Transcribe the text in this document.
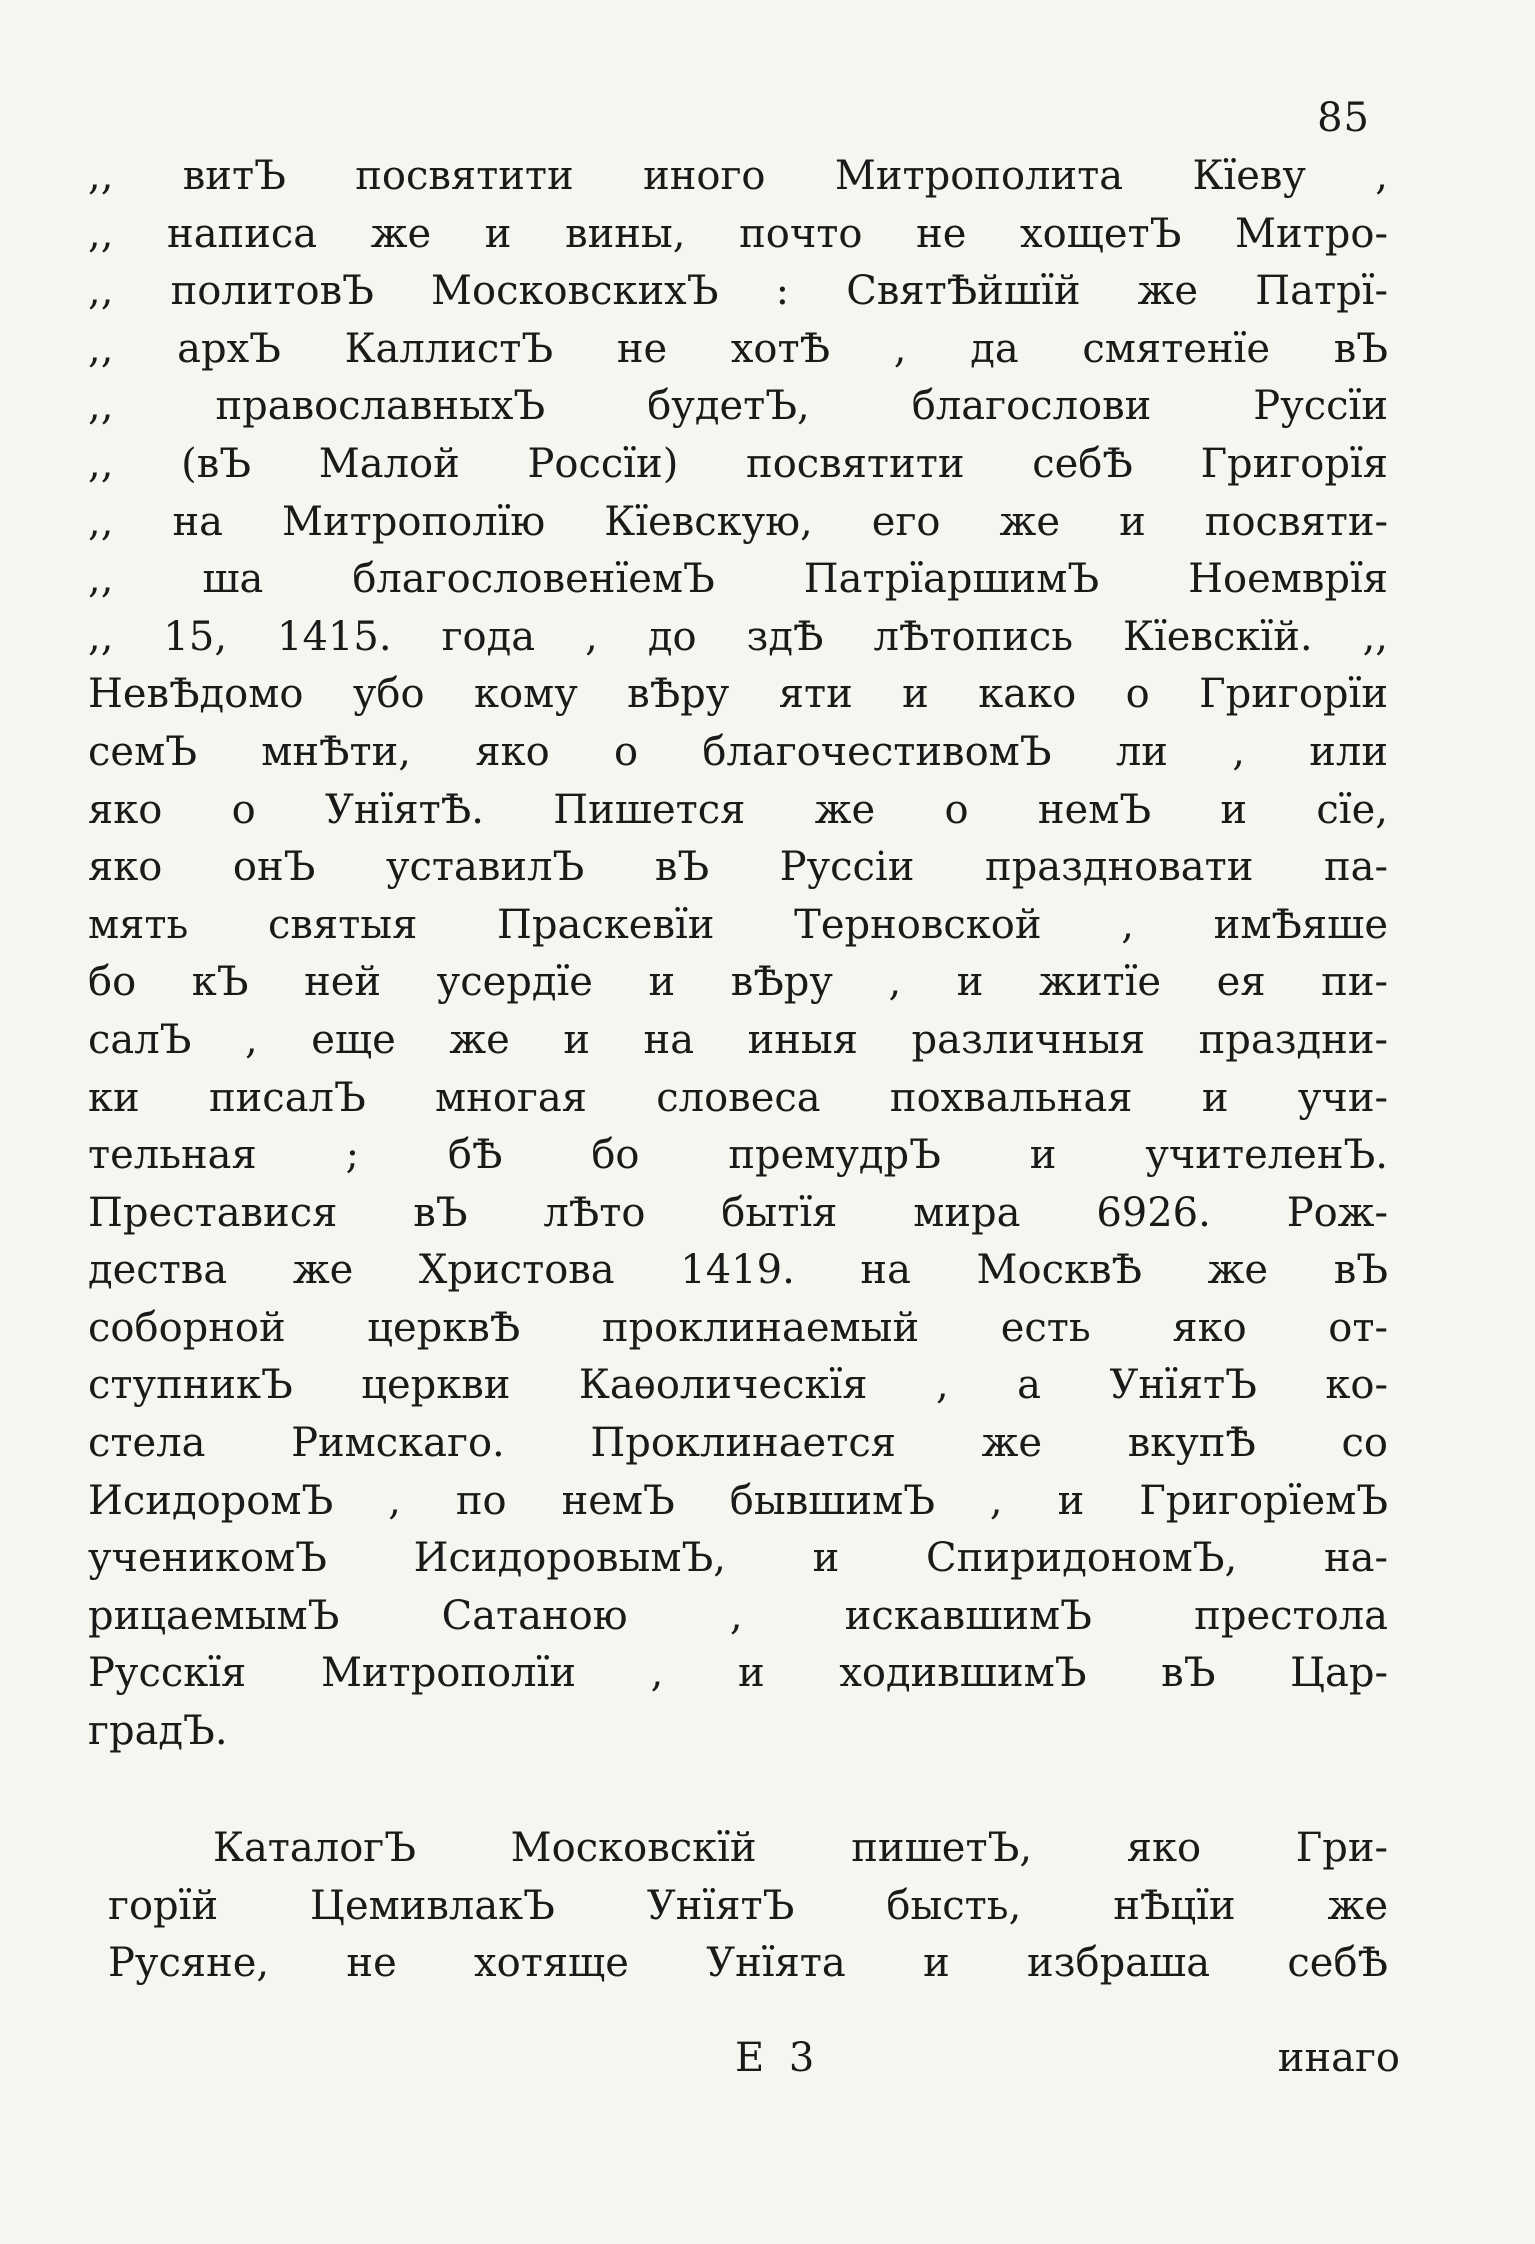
85
,, витЪ посвятити иного Митрополита Кїеву ,
,, написа же и вины, почто не хощетЪ Митро-
,, политовЪ МосковскихЪ : СвятѢйшїй же Патрї-
,, архЪ КаллистЪ не хотѢ , да смятенїе вЪ
,, православныхЪ будетЪ, благослови Руссїи
,, (вЪ Малой Россїи) посвятити себѢ Григорїя
,, на Митрополїю Кїевскую, его же и посвяти-
,, ша благословенїемЪ ПатрїаршимЪ Ноемврїя
,, 15, 1415. года , до здѢ лѢтопись Кїевскїй. ,,
НевѢдомо убо кому вѢру яти и како о Григорїи
семЪ мнѢти, яко о благочестивомЪ ли , или
яко о УнїятѢ. Пишется же о немЪ и сїе,
яко онЪ уставилЪ вЪ Руссіи праздновати па-
мять святыя Праскевїи Терновской , имѢяше
бо кЪ ней усердїе и вѢру , и житїе ея пи-
салЪ , еще же и на иныя различныя праздни-
ки писалЪ многая словеса похвальная и учи-
тельная ; бѢ бо премудрЪ и учителенЪ.
Преставися вЪ лѢто бытїя мира 6926. Рож-
дества же Христова 1419. на МосквѢ же вЪ
соборной церквѢ проклинаемый есть яко от-
ступникЪ церкви Каѳолическїя , а УнїятЪ ко-
стела Римскаго. Проклинается же вкупѢ со
ИсидоромЪ , по немЪ бывшимЪ , и ГригорїемЪ
ученикомЪ ИсидоровымЪ, и СпиридономЪ, на-
рицаемымЪ Сатаною , искавшимЪ престола
Русскїя Митрополїи , и ходившимЪ вЪ Цар-
градЪ.
КаталогЪ Московскїй пишетЪ, яко Гри-
горїй ЦемивлакЪ УнїятЪ бысть, нѢцїи же
Русяне, не хотяще Унїята и избраша себѢ
Е 3	инаго
